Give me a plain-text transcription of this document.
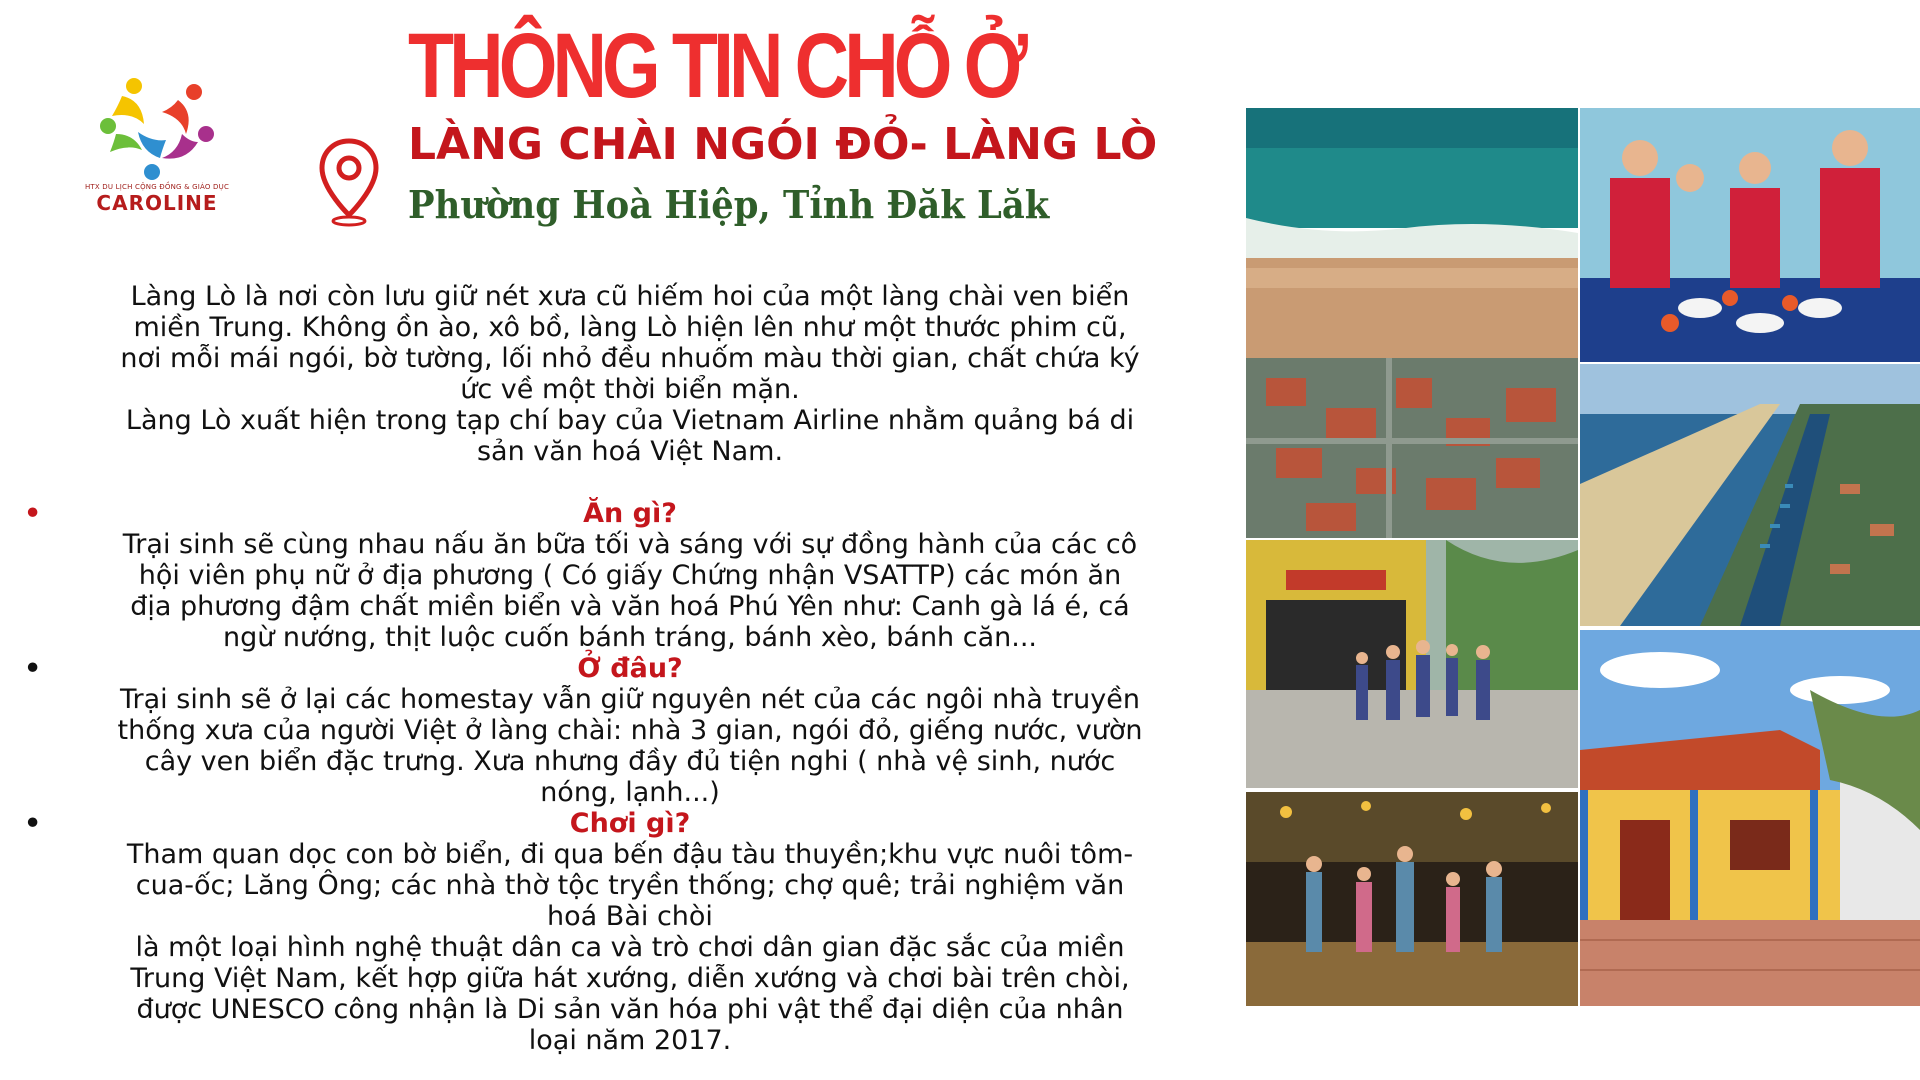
HTX DU LỊCH CỘNG ĐỒNG & GIÁO DỤC
CAROLINE
THÔNG TIN CHỖ Ở
LÀNG CHÀI NGÓI ĐỎ- LÀNG LÒ
Phường Hoà Hiệp, Tỉnh Đăk Lăk

Làng Lò là nơi còn lưu giữ nét xưa cũ hiếm hoi của một làng chài ven biển

miền Trung. Không ồn ào, xô bồ, làng Lò hiện lên như một thước phim cũ,

nơi mỗi mái ngói, bờ tường, lối nhỏ đều nhuốm màu thời gian, chất chứa ký

ức về một thời biển mặn.

Làng Lò xuất hiện trong tạp chí bay của Vietnam Airline nhằm quảng bá di

sản văn hoá Việt Nam.

•	Ăn gì?

Trại sinh sẽ cùng nhau nấu ăn bữa tối và sáng với sự đồng hành của các cô

hội viên phụ nữ ở địa phương ( Có giấy Chứng nhận VSATTP) các món ăn

địa phương đậm chất miền biển và văn hoá Phú Yên như: Canh gà lá é, cá

ngừ nướng, thịt luộc cuốn bánh tráng, bánh xèo, bánh căn...

•	Ở đâu?

Trại sinh sẽ ở lại các homestay vẫn giữ nguyên nét của các ngôi nhà truyền

thống xưa của người Việt ở làng chài: nhà 3 gian, ngói đỏ, giếng nước, vườn

cây ven biển đặc trưng. Xưa nhưng đầy đủ tiện nghi ( nhà vệ sinh, nước

nóng, lạnh...)

•	Chơi gì?

Tham quan dọc con bờ biển, đi qua bến đậu tàu thuyền;khu vực nuôi tôm-

cua-ốc; Lăng Ông; các nhà thờ tộc tryền thống; chợ quê; trải nghiệm văn

hoá Bài chòi

là một loại hình nghệ thuật dân ca và trò chơi dân gian đặc sắc của miền

Trung Việt Nam, kết hợp giữa hát xướng, diễn xướng và chơi bài trên chòi,

được UNESCO công nhận là Di sản văn hóa phi vật thể đại diện của nhân

loại năm 2017.
